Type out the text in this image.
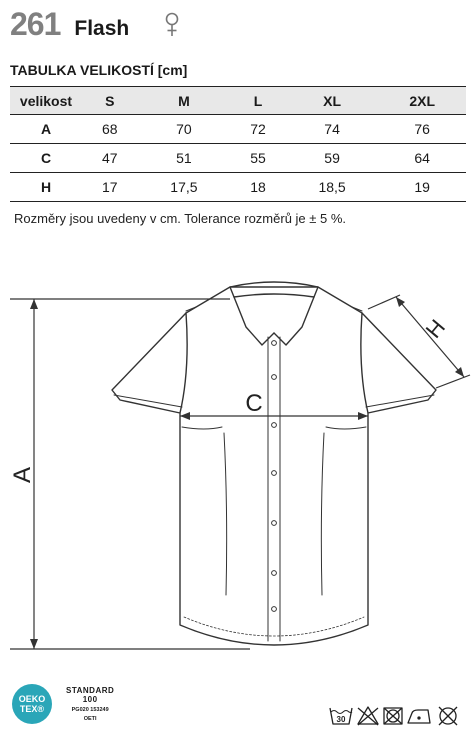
261 Flash
TABULKA VELIKOSTÍ [cm]
velikost	S	M	L	XL	2XL
A	68	70	72	74	76
C	47	51	55	59	64
H	17	17,5	18	18,5	19
Rozměry jsou uvedeny v cm. Tolerance rozměrů je ± 5 %.
A
C
H
OEKO
TEX®
STANDARD
100
PG020 153249
OETI	30
